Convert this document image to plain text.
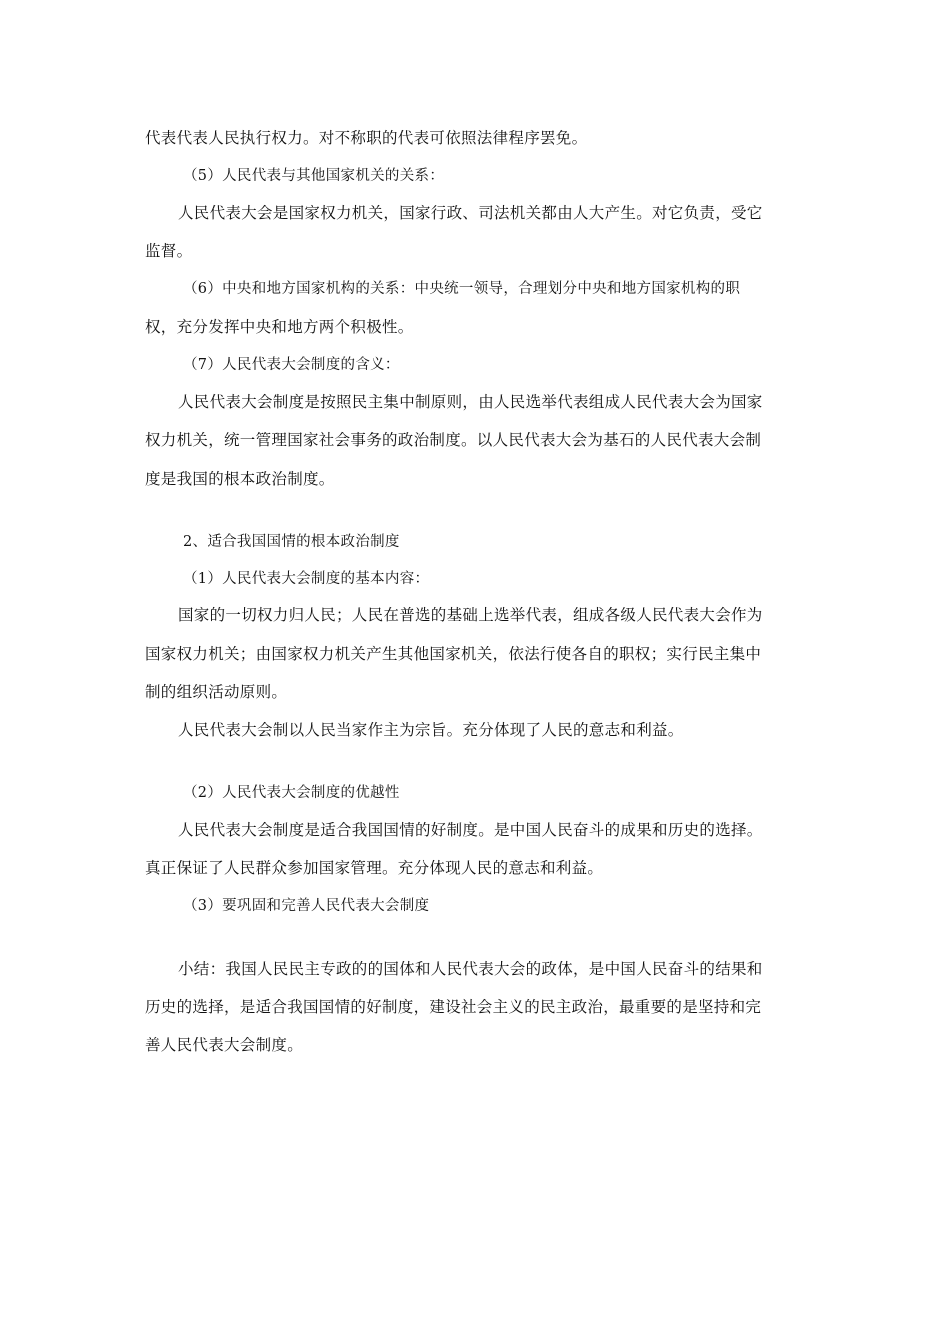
代表代表人民执行权力。对不称职的代表可依照法律程序罢免。
（5）人民代表与其他国家机关的关系：
人民代表大会是国家权力机关，国家行政、司法机关都由人大产生。对它负责，受它
监督。
（6）中央和地方国家机构的关系：中央统一领导，合理划分中央和地方国家机构的职
权，充分发挥中央和地方两个积极性。
（7）人民代表大会制度的含义：
人民代表大会制度是按照民主集中制原则，由人民选举代表组成人民代表大会为国家
权力机关，统一管理国家社会事务的政治制度。以人民代表大会为基石的人民代表大会制
度是我国的根本政治制度。
2、适合我国国情的根本政治制度
（1）人民代表大会制度的基本内容：
国家的一切权力归人民；人民在普选的基础上选举代表，组成各级人民代表大会作为
国家权力机关；由国家权力机关产生其他国家机关，依法行使各自的职权；实行民主集中
制的组织活动原则。
人民代表大会制以人民当家作主为宗旨。充分体现了人民的意志和利益。
（2）人民代表大会制度的优越性
人民代表大会制度是适合我国国情的好制度。是中国人民奋斗的成果和历史的选择。
真正保证了人民群众参加国家管理。充分体现人民的意志和利益。
（3）要巩固和完善人民代表大会制度
小结：我国人民民主专政的的国体和人民代表大会的政体，是中国人民奋斗的结果和
历史的选择，是适合我国国情的好制度，建设社会主义的民主政治，最重要的是坚持和完
善人民代表大会制度。
